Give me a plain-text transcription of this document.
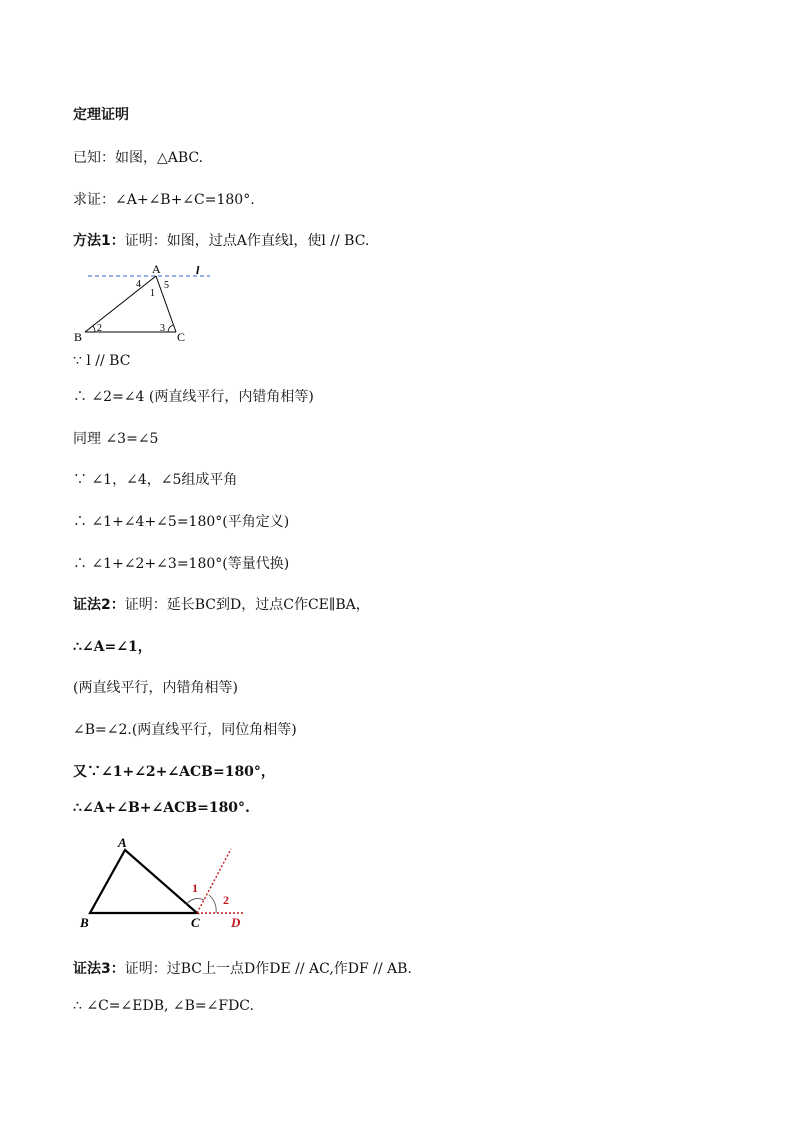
定理证明
已知：如图，△ABC.
求证：∠A+∠B+∠C=180°.
方法1：证明：如图，过点A作直线l，使l // BC.
A	l
4 5
1
B
2	3
C
∵ l // BC
∴ ∠2=∠4 (两直线平行，内错角相等)
同理 ∠3=∠5
∵ ∠1，∠4，∠5组成平角
∴ ∠1+∠4+∠5=180°(平角定义)
∴ ∠1+∠2+∠3=180°(等量代换)
证法2：证明：延长BC到D，过点C作CE∥BA，
∴∠A=∠1，
(两直线平行，内错角相等)
∠B=∠2.(两直线平行，同位角相等)
又∵∠1+∠2+∠ACB=180°，
∴∠A+∠B+∠ACB=180°.
A
B	C D
1
2
证法3：证明：过BC上一点D作DE // AC,作DF // AB.
∴ ∠C=∠EDB, ∠B=∠FDC.
